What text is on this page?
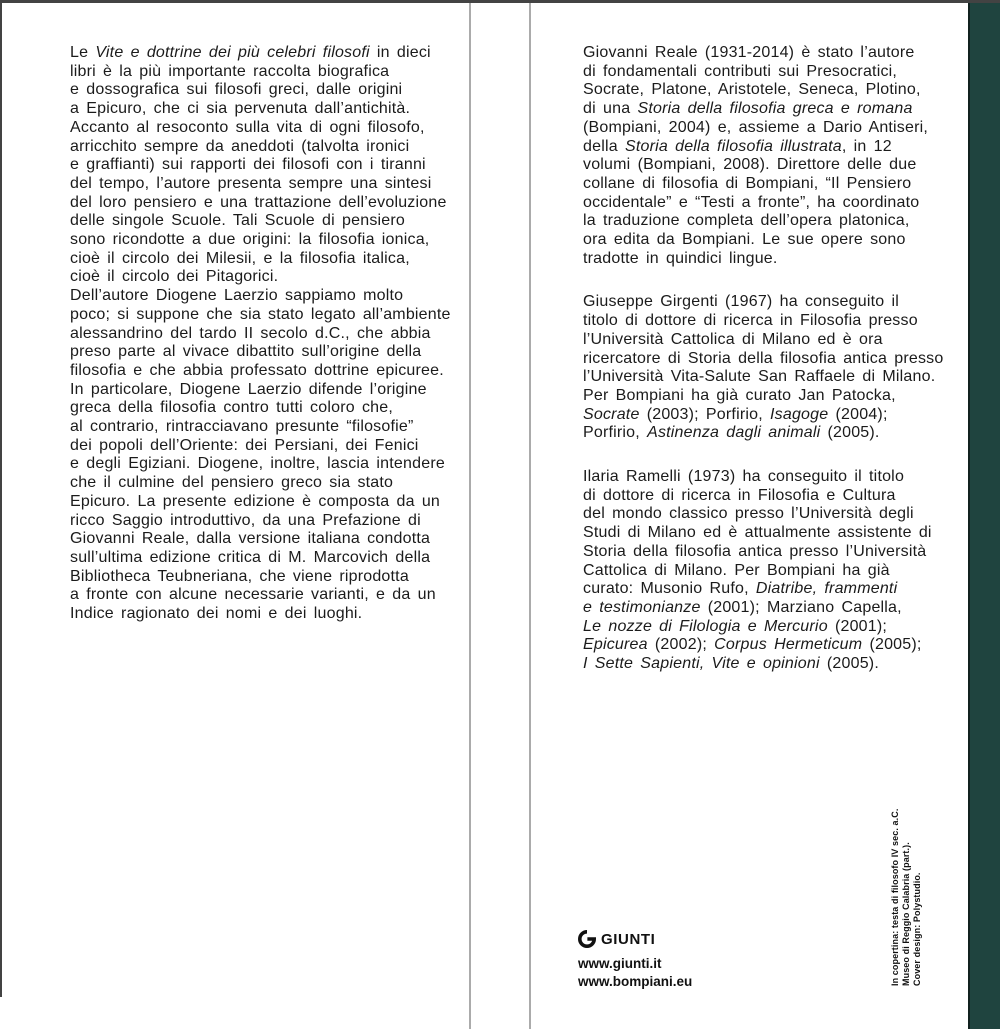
Le Vite e dottrine dei più celebri filosofi in dieci
libri è la più importante raccolta biografica
e dossografica sui filosofi greci, dalle origini
a Epicuro, che ci sia pervenuta dall’antichità.
Accanto al resoconto sulla vita di ogni filosofo,
arricchito sempre da aneddoti (talvolta ironici
e graffianti) sui rapporti dei filosofi con i tiranni
del tempo, l’autore presenta sempre una sintesi
del loro pensiero e una trattazione dell’evoluzione
delle singole Scuole. Tali Scuole di pensiero
sono ricondotte a due origini: la filosofia ionica,
cioè il circolo dei Milesii, e la filosofia italica,
cioè il circolo dei Pitagorici.
Dell’autore Diogene Laerzio sappiamo molto
poco; si suppone che sia stato legato all’ambiente
alessandrino del tardo II secolo d.C., che abbia
preso parte al vivace dibattito sull’origine della
filosofia e che abbia professato dottrine epicuree.
In particolare, Diogene Laerzio difende l’origine
greca della filosofia contro tutti coloro che,
al contrario, rintracciavano presunte “filosofie”
dei popoli dell’Oriente: dei Persiani, dei Fenici
e degli Egiziani. Diogene, inoltre, lascia intendere
che il culmine del pensiero greco sia stato
Epicuro. La presente edizione è composta da un
ricco Saggio introduttivo, da una Prefazione di
Giovanni Reale, dalla versione italiana condotta
sull’ultima edizione critica di M. Marcovich della
Bibliotheca Teubneriana, che viene riprodotta
a fronte con alcune necessarie varianti, e da un
Indice ragionato dei nomi e dei luoghi.
Giovanni Reale (1931-2014) è stato l’autore
di fondamentali contributi sui Presocratici,
Socrate, Platone, Aristotele, Seneca, Plotino,
di una Storia della filosofia greca e romana
(Bompiani, 2004) e, assieme a Dario Antiseri,
della Storia della filosofia illustrata, in 12
volumi (Bompiani, 2008). Direttore delle due
collane di filosofia di Bompiani, “Il Pensiero
occidentale” e “Testi a fronte”, ha coordinato
la traduzione completa dell’opera platonica,
ora edita da Bompiani. Le sue opere sono
tradotte in quindici lingue.
Giuseppe Girgenti (1967) ha conseguito il
titolo di dottore di ricerca in Filosofia presso
l’Università Cattolica di Milano ed è ora
ricercatore di Storia della filosofia antica presso
l’Università Vita-Salute San Raffaele di Milano.
Per Bompiani ha già curato Jan Patocka,
Socrate (2003); Porfirio, Isagoge (2004);
Porfirio, Astinenza dagli animali (2005).
Ilaria Ramelli (1973) ha conseguito il titolo
di dottore di ricerca in Filosofia e Cultura
del mondo classico presso l’Università degli
Studi di Milano ed è attualmente assistente di
Storia della filosofia antica presso l’Università
Cattolica di Milano. Per Bompiani ha già
curato: Musonio Rufo, Diatribe, frammenti
e testimonianze (2001); Marziano Capella,
Le nozze di Filologia e Mercurio (2001);
Epicurea (2002); Corpus Hermeticum (2005);
I Sette Sapienti, Vite e opinioni (2005).
In copertina: testa di filosofo IV sec. a.C. Museo di Reggio Calabria (part.). Cover design: Polystudio.
GIUNTI
www.giunti.it
www.bompiani.eu
